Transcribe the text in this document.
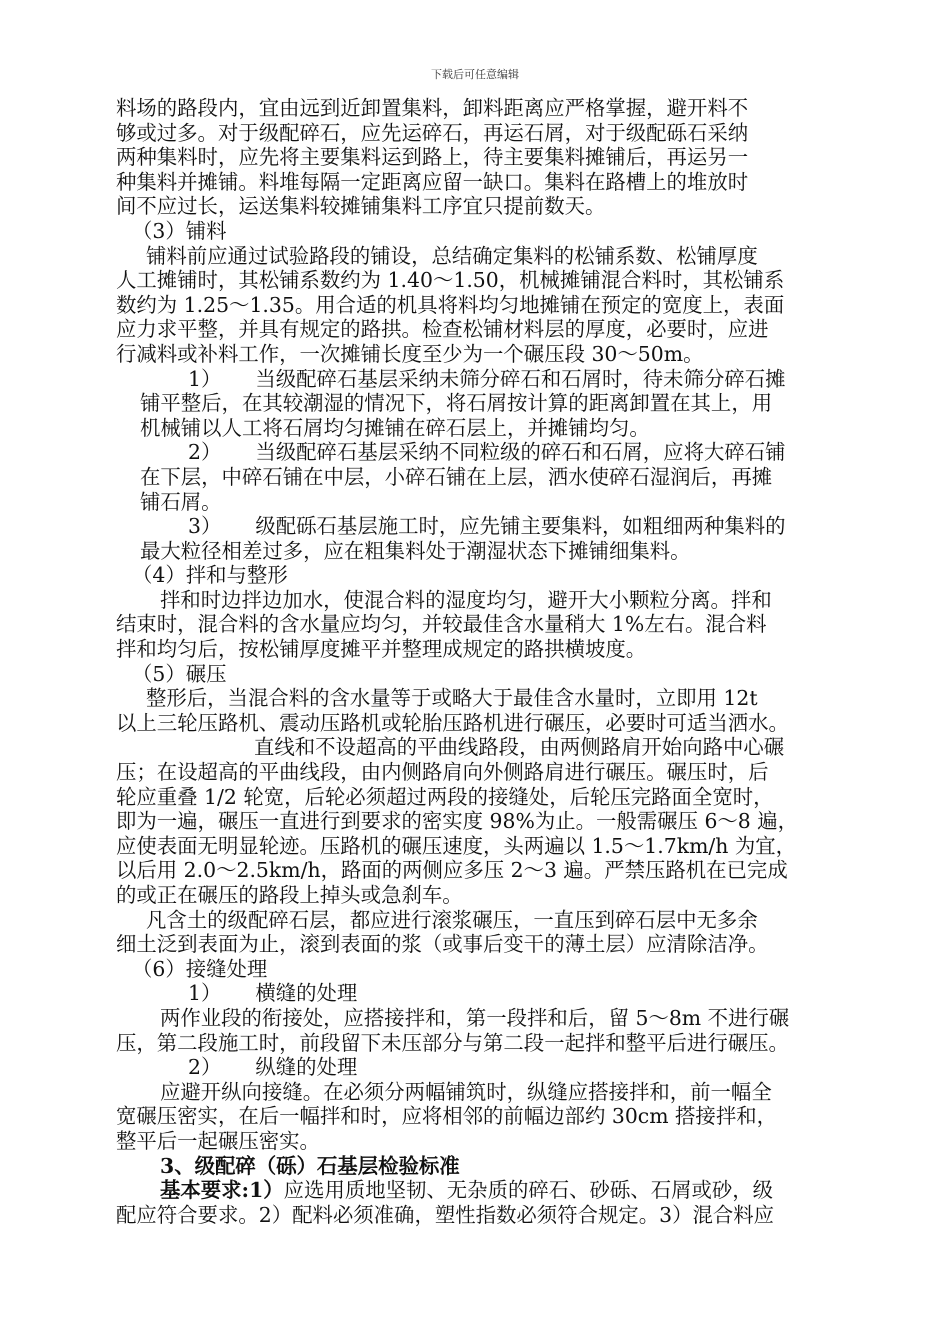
下载后可任意编辑
料场的路段内，宜由远到近卸置集料，卸料距离应严格掌握，避开料不
够或过多。对于级配碎石，应先运碎石，再运石屑，对于级配砾石采纳
两种集料时，应先将主要集料运到路上，待主要集料摊铺后，再运另一
种集料并摊铺。料堆每隔一定距离应留一缺口。集料在路槽上的堆放时
间不应过长，运送集料较摊铺集料工序宜只提前数天。
（3）铺料
铺料前应通过试验路段的铺设，总结确定集料的松铺系数、松铺厚度
人工摊铺时，其松铺系数约为 1.40～1.50，机械摊铺混合料时，其松铺系
数约为 1.25～1.35。用合适的机具将料均匀地摊铺在预定的宽度上，表面
应力求平整，并具有规定的路拱。检查松铺材料层的厚度，必要时，应进
行减料或补料工作，一次摊铺长度至少为一个碾压段 30～50m。
1） 当级配碎石基层采纳未筛分碎石和石屑时，待未筛分碎石摊
铺平整后，在其较潮湿的情况下，将石屑按计算的距离卸置在其上，用
机械铺以人工将石屑均匀摊铺在碎石层上，并摊铺均匀。
2） 当级配碎石基层采纳不同粒级的碎石和石屑，应将大碎石铺
在下层，中碎石铺在中层，小碎石铺在上层，洒水使碎石湿润后，再摊
铺石屑。
3） 级配砾石基层施工时，应先铺主要集料，如粗细两种集料的
最大粒径相差过多，应在粗集料处于潮湿状态下摊铺细集料。
（4）拌和与整形
拌和时边拌边加水，使混合料的湿度均匀，避开大小颗粒分离。拌和
结束时，混合料的含水量应均匀，并较最佳含水量稍大 1%左右。混合料
拌和均匀后，按松铺厚度摊平并整理成规定的路拱横坡度。
（5）碾压
整形后，当混合料的含水量等于或略大于最佳含水量时，立即用 12t
以上三轮压路机、震动压路机或轮胎压路机进行碾压，必要时可适当洒水。
直线和不设超高的平曲线路段，由两侧路肩开始向路中心碾
压；在设超高的平曲线段，由内侧路肩向外侧路肩进行碾压。碾压时，后
轮应重叠 1/2 轮宽，后轮必须超过两段的接缝处，后轮压完路面全宽时，
即为一遍，碾压一直进行到要求的密实度 98%为止。一般需碾压 6～8 遍，
应使表面无明显轮迹。压路机的碾压速度，头两遍以 1.5～1.7km/h 为宜，
以后用 2.0～2.5km/h，路面的两侧应多压 2～3 遍。严禁压路机在已完成
的或正在碾压的路段上掉头或急刹车。
凡含土的级配碎石层，都应进行滚浆碾压，一直压到碎石层中无多余
细土泛到表面为止，滚到表面的浆（或事后变干的薄土层）应清除洁净。
（6）接缝处理
1） 横缝的处理
两作业段的衔接处，应搭接拌和，第一段拌和后，留 5～8m 不进行碾
压，第二段施工时，前段留下未压部分与第二段一起拌和整平后进行碾压。
2） 纵缝的处理
应避开纵向接缝。在必须分两幅铺筑时，纵缝应搭接拌和，前一幅全
宽碾压密实，在后一幅拌和时，应将相邻的前幅边部约 30cm 搭接拌和，
整平后一起碾压密实。
3、级配碎（砾）石基层检验标准
基本要求:1）应选用质地坚韧、无杂质的碎石、砂砾、石屑或砂，级
配应符合要求。2）配料必须准确，塑性指数必须符合规定。3）混合料应
